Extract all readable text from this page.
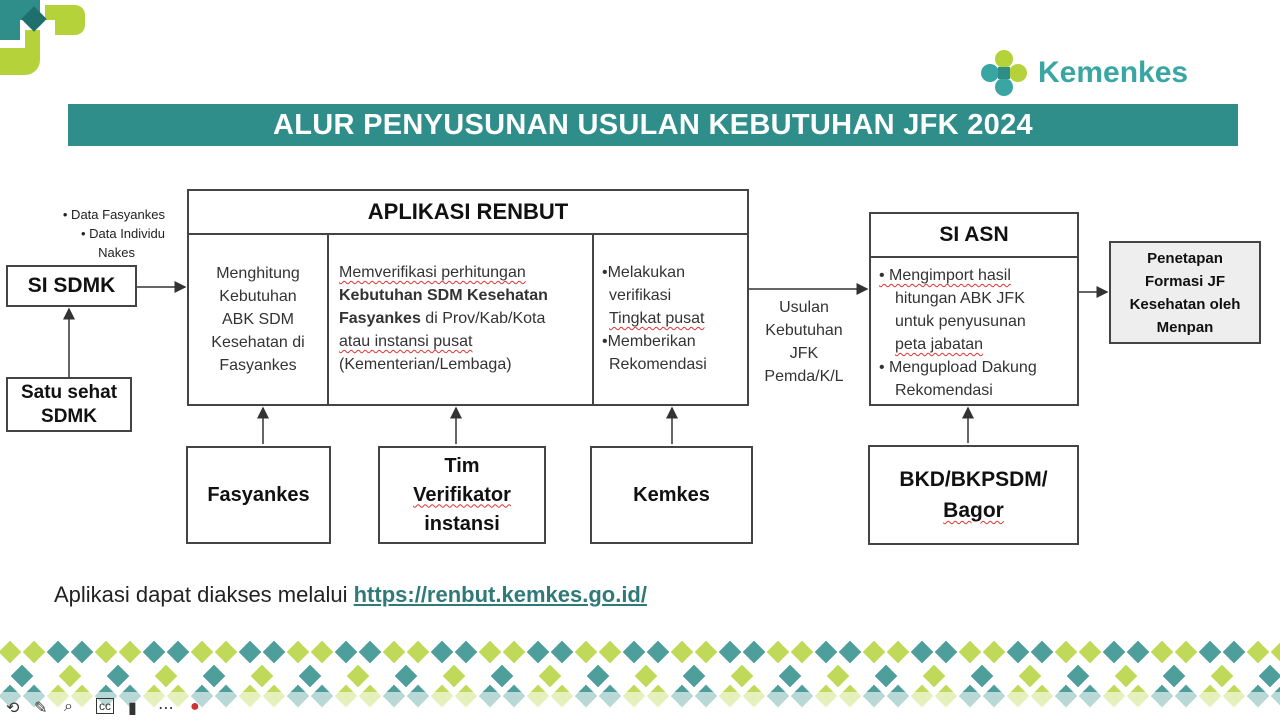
Kemenkes
ALUR PENYUSUNAN USULAN KEBUTUHAN JFK 2024
• Data Fasyankes
• Data Individu
Nakes
SI SDMK
Satu sehat
SDMK
APLIKASI RENBUT
Menghitung
Kebutuhan
ABK SDM
Kesehatan di
Fasyankes
Memverifikasi perhitungan
Kebutuhan SDM Kesehatan
Fasyankes di Prov/Kab/Kota
atau instansi pusat
(Kementerian/Lembaga)
•Melakukan
verifikasi
Tingkat pusat
•Memberikan
Rekomendasi
Fasyankes
Tim
Verifikator
instansi
Kemkes
Usulan
Kebutuhan
JFK
Pemda/K/L
SI ASN
• Mengimport hasil
hitungan ABK JFK
untuk penyusunan
peta jabatan
• Mengupload Dakung
Rekomendasi
BKD/BKPSDM/
Bagor
Penetapan
Formasi JF
Kesehatan oleh
Menpan
Aplikasi dapat diakses melalui https://renbut.kemkes.go.id/
⟲ ✎ ⌕ cc ▮ ⋯ ●
